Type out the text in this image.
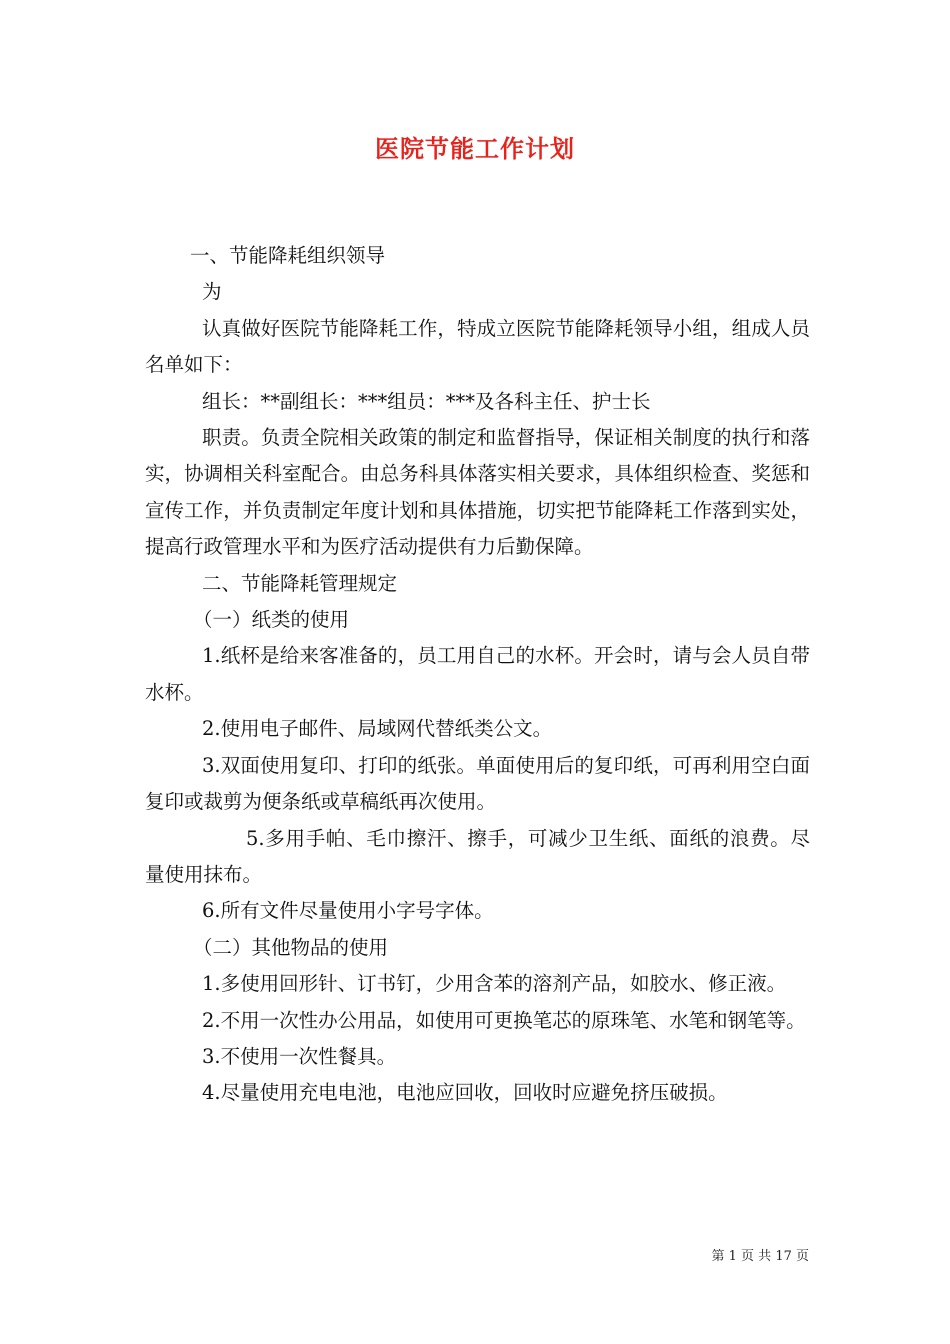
医院节能工作计划

一、节能降耗组织领导

为

认真做好医院节能降耗工作，特成立医院节能降耗领导小组，组成人员名单如下：

组长：**副组长：***组员：***及各科主任、护士长

职责。负责全院相关政策的制定和监督指导，保证相关制度的执行和落实，协调相关科室配合。由总务科具体落实相关要求，具体组织检查、奖惩和宣传工作，并负责制定年度计划和具体措施，切实把节能降耗工作落到实处，提高行政管理水平和为医疗活动提供有力后勤保障。

二、节能降耗管理规定

（一）纸类的使用

1.纸杯是给来客准备的，员工用自己的水杯。开会时，请与会人员自带水杯。

2.使用电子邮件、局域网代替纸类公文。

3.双面使用复印、打印的纸张。单面使用后的复印纸，可再利用空白面复印或裁剪为便条纸或草稿纸再次使用。

5.多用手帕、毛巾擦汗、擦手，可减少卫生纸、面纸的浪费。尽量使用抹布。

6.所有文件尽量使用小字号字体。

（二）其他物品的使用

1.多使用回形针、订书钉，少用含苯的溶剂产品，如胶水、修正液。

2.不用一次性办公用品，如使用可更换笔芯的原珠笔、水笔和钢笔等。

3.不使用一次性餐具。

4.尽量使用充电电池，电池应回收，回收时应避免挤压破损。

第 1 页 共 17 页
